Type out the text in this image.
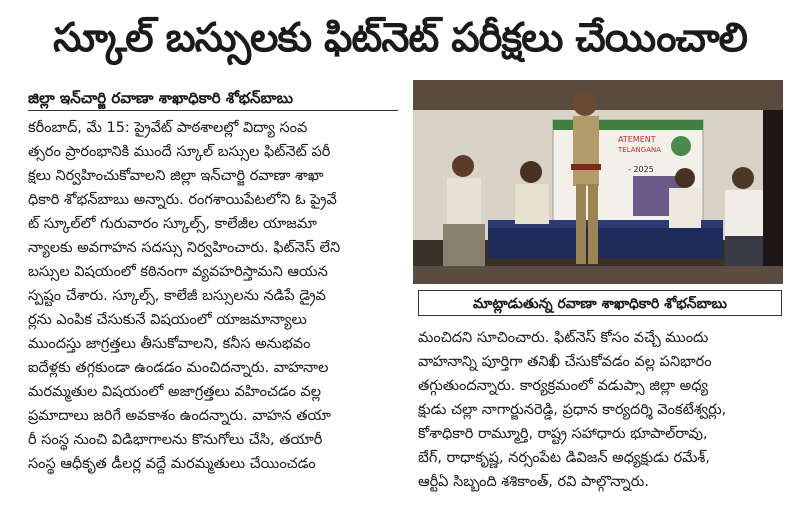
స్కూల్ బస్సులకు ఫిట్‌నెట్ పరీక్షలు చేయించాలి
జిల్లా ఇన్‌చార్జి రవాణా శాఖాధికారి శోభన్‌బాబు
కరీంబాద్, మే 15: ప్రైవేట్ పాఠశాలల్లో విద్యా సంవ
త్సరం ప్రారంభానికి ముందే స్కూల్ బస్సుల ఫిట్‌నెట్ పరీ
క్షలు నిర్వహించుకోవాలని జిల్లా ఇన్‌చార్జి రవాణా శాఖా
ధికారి శోభన్‌బాబు అన్నారు. రంగశాయిపేటలోని ఓ ప్రైవే
ట్ స్కూల్‌లో గురువారం స్కూల్స్, కాలేజీల యాజమా
న్యాలకు అవగాహన సదస్సు నిర్వహించారు. ఫిట్‌నెస్ లేని
బస్సుల విషయంలో కఠినంగా వ్యవహరిస్తామని ఆయన
స్పష్టం చేశారు. స్కూల్స్, కాలేజీ బస్సులను నడిపే డ్రైవ
ర్లను ఎంపిక చేసుకునే విషయంలో యాజమాన్యాలు
ముందస్తు జాగ్రత్తలు తీసుకోవాలని, కనీస అనుభవం
ఐదేళ్లకు తగ్గకుండా ఉండడం మంచిదన్నారు. వాహనాల
మరమ్మతుల విషయంలో అజాగ్రత్తలు వహించడం వల్ల
ప్రమాదాలు జరిగే అవకాశం ఉందన్నారు. వాహన తయా
రీ సంస్థ నుంచి విడిభాగాలను కొనుగోలు చేసి, తయారీ
సంస్థ ఆధీకృత డీలర్ల వద్దే మరమ్మతులు చేయించడం
ATEMENT
TELANGANA
- 2025
మాట్లాడుతున్న రవాణా శాఖాధికారి శోభన్‌బాబు
మంచిదని సూచించారు. ఫిట్‌నెస్ కోసం వచ్చే ముందు
వాహనాన్ని పూర్తిగా తనిఖీ చేసుకోవడం వల్ల పనిభారం
తగ్గుతుందన్నారు. కార్యక్రమంలో వడుప్సా జిల్లా అధ్య
క్షుడు చల్లా నాగార్జునరెడ్డి, ప్రధాన కార్యదర్శి వెంకటేశ్వర్లు,
కోశాధికారి రామ్మూర్తి, రాష్ట్ర సహాధారు భూపాల్‌రావు,
బేగ్, రాధాకృష్ణ, నర్సంపేట డివిజన్ అధ్యక్షుడు రమేశ్,
ఆర్టీఏ సిబ్బంది శశికాంత్, రవి పాల్గొన్నారు.
